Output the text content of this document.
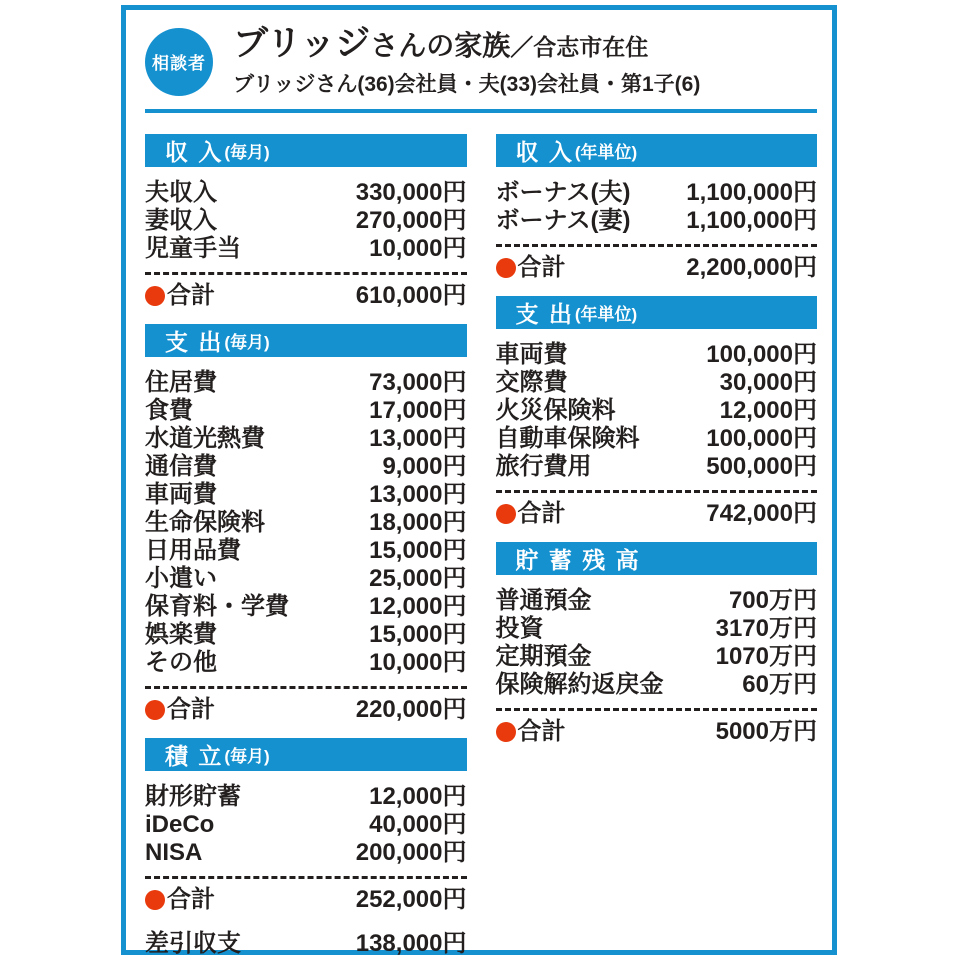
相談者
ブリッジさんの家族／合志市在住
ブリッジさん(36)会社員・夫(33)会社員・第1子(6)
収 入 (毎月)
夫収入	330,000円
妻収入	270,000円
児童手当	10,000円
合計	610,000円
支 出 (毎月)
住居費	73,000円
食費	17,000円
水道光熱費	13,000円
通信費	9,000円
車両費	13,000円
生命保険料	18,000円
日用品費	15,000円
小遣い	25,000円
保育料・学費	12,000円
娯楽費	15,000円
その他	10,000円
合計	220,000円
積 立 (毎月)
財形貯蓄	12,000円
iDeCo	40,000円
NISA	200,000円
合計	252,000円
差引収支	138,000円
収 入 (年単位)
ボーナス(夫) 1,100,000円
ボーナス(妻) 1,100,000円
合計	2,200,000円
支 出 (年単位)
車両費	100,000円
交際費	30,000円
火災保険料	12,000円
自動車保険料	100,000円
旅行費用	500,000円
合計	742,000円
貯 蓄 残 高
普通預金	700万円
投資	3170万円
定期預金	1070万円
保険解約返戻金	60万円
合計	5000万円
